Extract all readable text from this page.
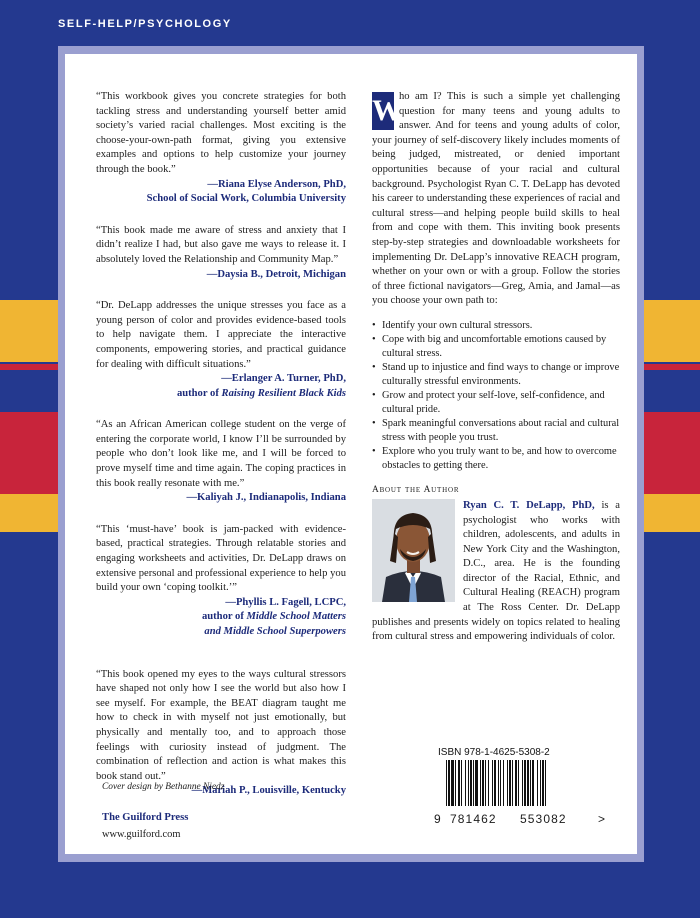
SELF-HELP/PSYCHOLOGY
“This workbook gives you concrete strategies for both tackling stress and understanding yourself better amid society’s varied racial challenges. Most exciting is the choose-your-own-path format, giving you extensive examples and options to help customize your journey through the book.”
—Riana Elyse Anderson, PhD,
School of Social Work, Columbia University
“This book made me aware of stress and anxiety that I didn’t realize I had, but also gave me ways to release it. I absolutely loved the Relationship and Community Map.”
—Daysia B., Detroit, Michigan
“Dr. DeLapp addresses the unique stresses you face as a young person of color and provides evidence-based tools to help navigate them. I appreciate the interactive components, empowering stories, and practical guidance for dealing with difficult situations.”
—Erlanger A. Turner, PhD,
author of Raising Resilient Black Kids
“As an African American college student on the verge of entering the corporate world, I know I’ll be surrounded by people who don’t look like me, and I will be forced to prove myself time and time again. The coping practices in this book really resonate with me.”
—Kaliyah J., Indianapolis, Indiana
“This ‘must-have’ book is jam-packed with evidence-based, practical strategies. Through relatable stories and engaging worksheets and activities, Dr. DeLapp draws on extensive personal and professional experience to help you build your own ‘coping toolkit.’”
—Phyllis L. Fagell, LCPC,
author of Middle School Matters
and Middle School Superpowers
“This book opened my eyes to the ways cultural stressors have shaped not only how I see the world but also how I see myself. For example, the BEAT diagram taught me how to check in with myself not just emotionally, but physically and mentally too, and to approach those feelings with curiosity instead of judgment. The combination of reflection and action is what makes this book stand out.”
—Mariah P., Louisville, Kentucky
Cover design by Bethanne Niedz
The Guilford Press
www.guilford.com

W
ho am I? This is such a simple yet challenging question for many teens and young adults to answer. And for teens and young adults of color, your journey of self-discovery likely includes moments of being judged, mistreated, or denied important opportunities because of your racial and cultural background. Psychologist Ryan C. T. DeLapp has devoted his career to understanding these experiences of racial and cultural stress—and helping people build skills to heal from and cope with them. This inviting book presents step-by-step strategies and downloadable worksheets for implementing Dr. DeLapp’s innovative REACH program, whether on your own or with a group. Follow the stories of three fictional navigators—Greg, Amia, and Jamal—as you choose your own path to:

• Identify your own cultural stressors.
• Cope with big and uncomfortable emotions caused by cultural stress.
• Stand up to injustice and find ways to change or improve culturally stressful environments.
• Grow and protect your self-love, self-confidence, and cultural pride.
• Spark meaningful conversations about racial and cultural stress with people you trust.
• Explore who you truly want to be, and how to overcome obstacles to getting there.
About the Author
Ryan C. T. DeLapp, PhD, is a psychologist who works with children, adolescents, and adults in New York City and the Washington, D.C., area. He is the founding director of the Racial, Ethnic, and Cultural Healing (REACH) program at The Ross Center. Dr. DeLapp publishes and presents widely on topics related to healing from cultural stress and empowering individuals of color.
ISBN 978-1-4625-5308-2
9 781462	553082	>
